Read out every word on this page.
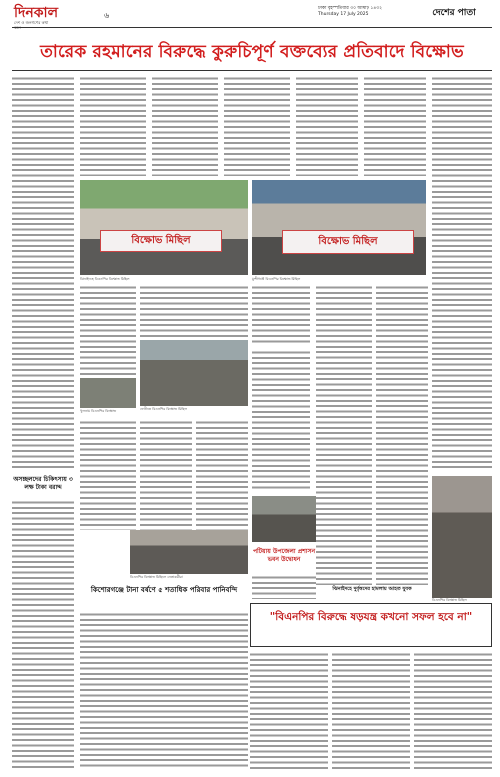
দিনকাল
দেশ ও জনগণের কথা
৬
ঢাকা বৃহস্পতিবার ৩০ আষাঢ় ১৪৩২
Thursday 17 July 2025	দেশের পাতা
তারেক রহমানের বিরুদ্ধে কুরুচিপূর্ণ বক্তব্যের প্রতিবাদে বিক্ষোভ
বিক্ষোভ মিছিল
ঝিনাইদহে বিএনপির বিক্ষোভ মিছিল
বিক্ষোভ মিছিল
মুন্সীগঞ্জে বিএনপির বিক্ষোভ মিছিল
ফেনীতে বিএনপির বিক্ষোভ মিছিল
খুলনায় বিএনপির বিক্ষোভ
বিএনপির বিক্ষোভ মিছিলে নেতাকর্মীরা
অসচ্ছলদের চিকিৎসায় ৩ লক্ষ টাকা বরাদ্দ
কিশোরগঞ্জে টানা বর্ষণে ৫ শতাধিক পরিবার পানিবন্দি
পটিয়ায় উপজেলা প্রশাসন ভবন উদ্বোধন
ঝিনাইদহে দুর্বৃত্তদের হামলায় আহত যুবক
বিএনপির বিক্ষোভ মিছিল
"বিএনপির বিরুদ্ধে ষড়যন্ত্র কখনো সফল হবে না"
